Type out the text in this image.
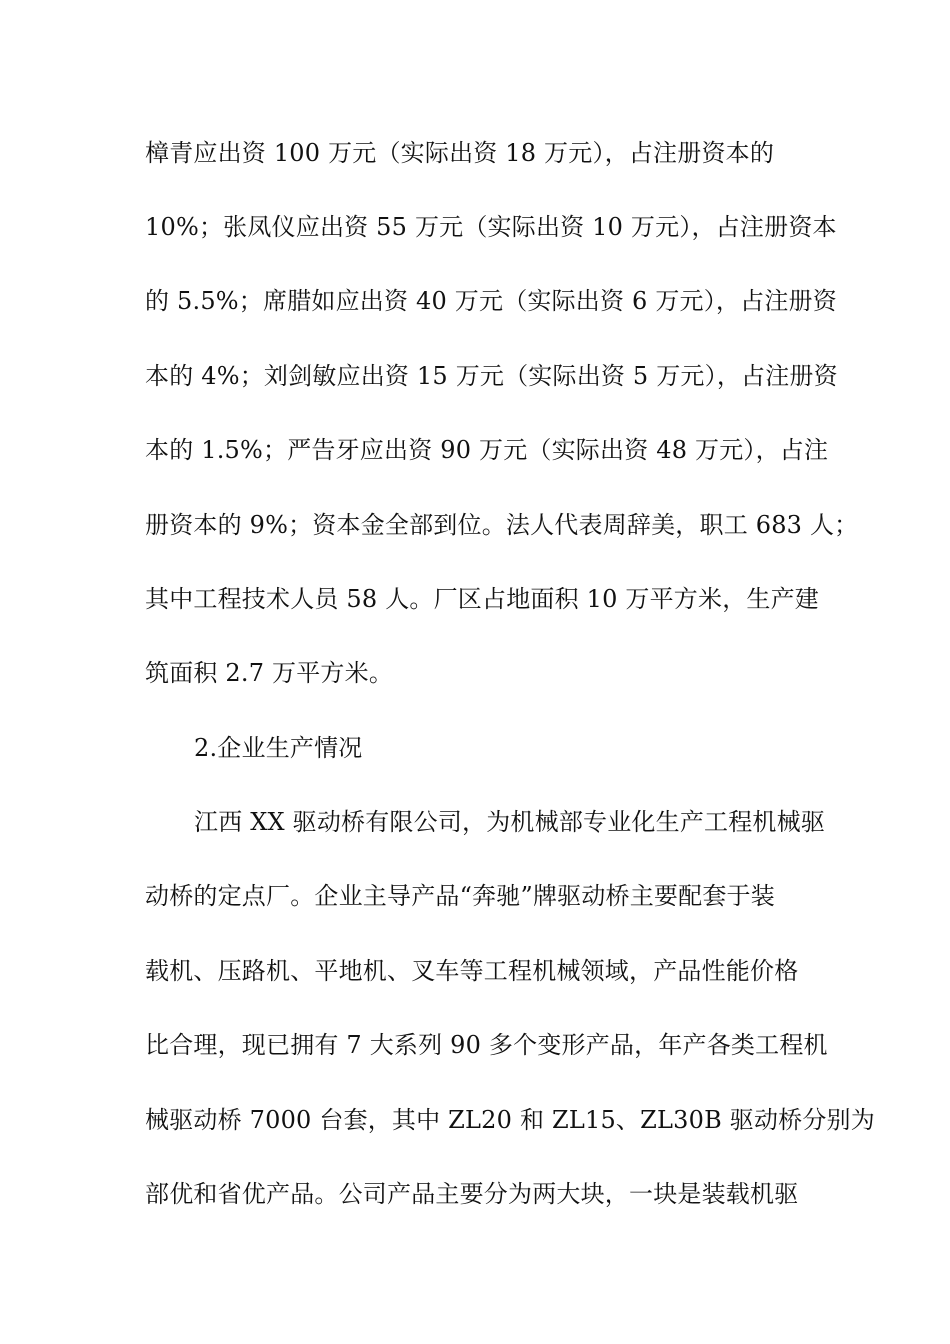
樟青应出资 100 万元（实际出资 18 万元），占注册资本的
10%；张凤仪应出资 55 万元（实际出资 10 万元），占注册资本
的 5.5%；席腊如应出资 40 万元（实际出资 6 万元），占注册资
本的 4%；刘剑敏应出资 15 万元（实际出资 5 万元），占注册资
本的 1.5%；严告牙应出资 90 万元（实际出资 48 万元），占注
册资本的 9%；资本金全部到位。法人代表周辞美，职工 683 人；
其中工程技术人员 58 人。厂区占地面积 10 万平方米，生产建
筑面积 2.7 万平方米。
2.企业生产情况
江西 XX 驱动桥有限公司，为机械部专业化生产工程机械驱
动桥的定点厂。企业主导产品“奔驰”牌驱动桥主要配套于装
载机、压路机、平地机、叉车等工程机械领域，产品性能价格
比合理，现已拥有 7 大系列 90 多个变形产品，年产各类工程机
械驱动桥 7000 台套，其中 ZL20 和 ZL15、ZL30B 驱动桥分别为
部优和省优产品。公司产品主要分为两大块，一块是装载机驱
